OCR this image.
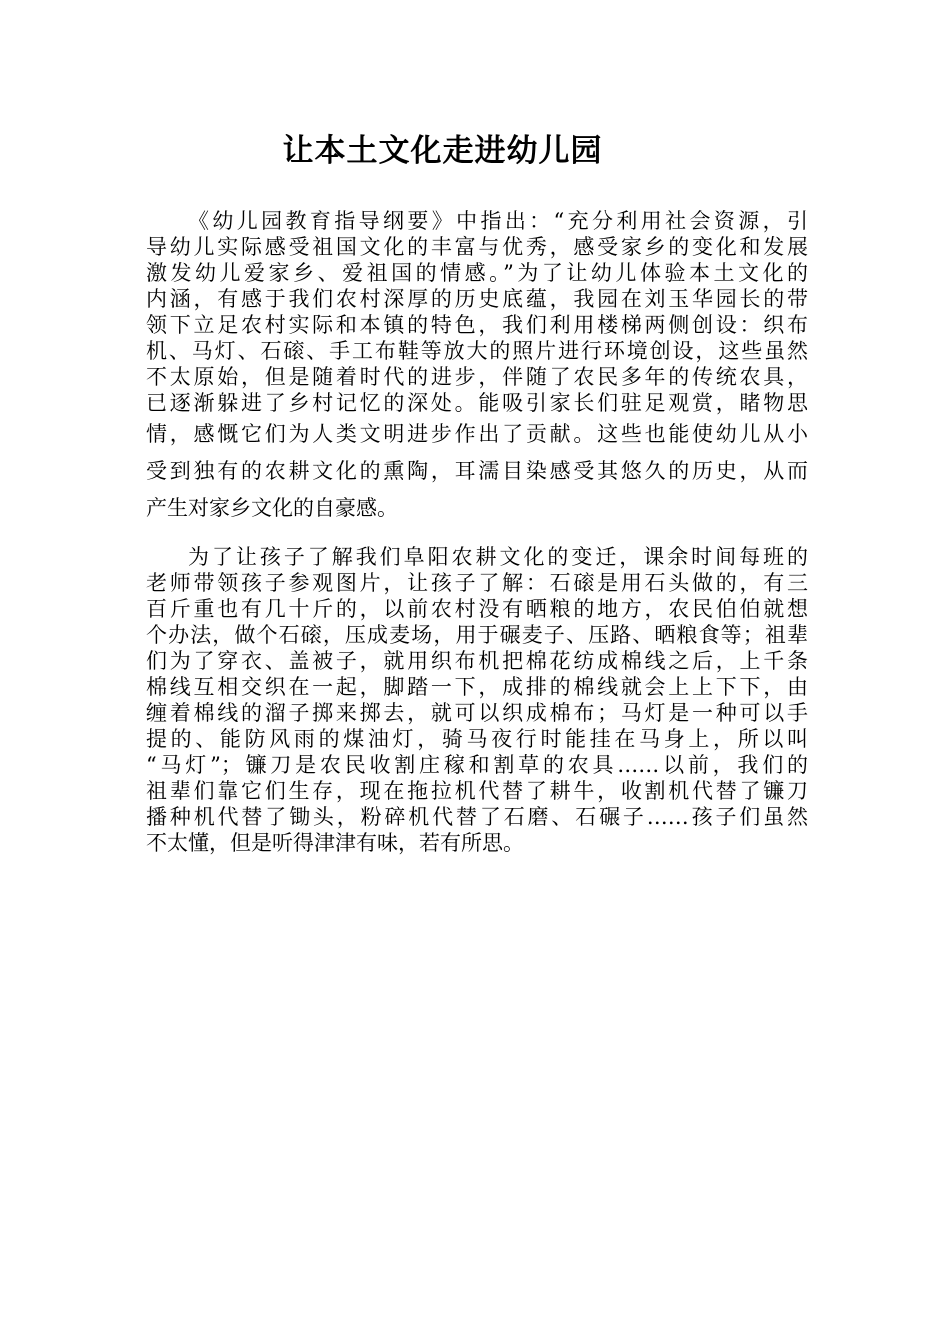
让本土文化走进幼儿园
《幼儿园教育指导纲要》中指出：“充分利用社会资源，引
导幼儿实际感受祖国文化的丰富与优秀，感受家乡的变化和发展
激发幼儿爱家乡、爱祖国的情感。”为了让幼儿体验本土文化的
内涵，有感于我们农村深厚的历史底蕴，我园在刘玉华园长的带
领下立足农村实际和本镇的特色，我们利用楼梯两侧创设：织布
机、马灯、石磙、手工布鞋等放大的照片进行环境创设，这些虽然
不太原始，但是随着时代的进步，伴随了农民多年的传统农具，
已逐渐躲进了乡村记忆的深处。能吸引家长们驻足观赏，睹物思
情，感慨它们为人类文明进步作出了贡献。这些也能使幼儿从小
受到独有的农耕文化的熏陶，耳濡目染感受其悠久的历史，从而
产生对家乡文化的自豪感。
为了让孩子了解我们阜阳农耕文化的变迁，课余时间每班的
老师带领孩子参观图片，让孩子了解：石磙是用石头做的，有三
百斤重也有几十斤的，以前农村没有晒粮的地方，农民伯伯就想
个办法，做个石磙，压成麦场，用于碾麦子、压路、晒粮食等；祖辈
们为了穿衣、盖被子，就用织布机把棉花纺成棉线之后，上千条
棉线互相交织在一起，脚踏一下，成排的棉线就会上上下下，由
缠着棉线的溜子掷来掷去，就可以织成棉布；马灯是一种可以手
提的、能防风雨的煤油灯，骑马夜行时能挂在马身上，所以叫
“马灯”；镰刀是农民收割庄稼和割草的农具……以前，我们的
祖辈们靠它们生存，现在拖拉机代替了耕牛，收割机代替了镰刀
播种机代替了锄头，粉碎机代替了石磨、石碾子……孩子们虽然
不太懂，但是听得津津有味，若有所思。
